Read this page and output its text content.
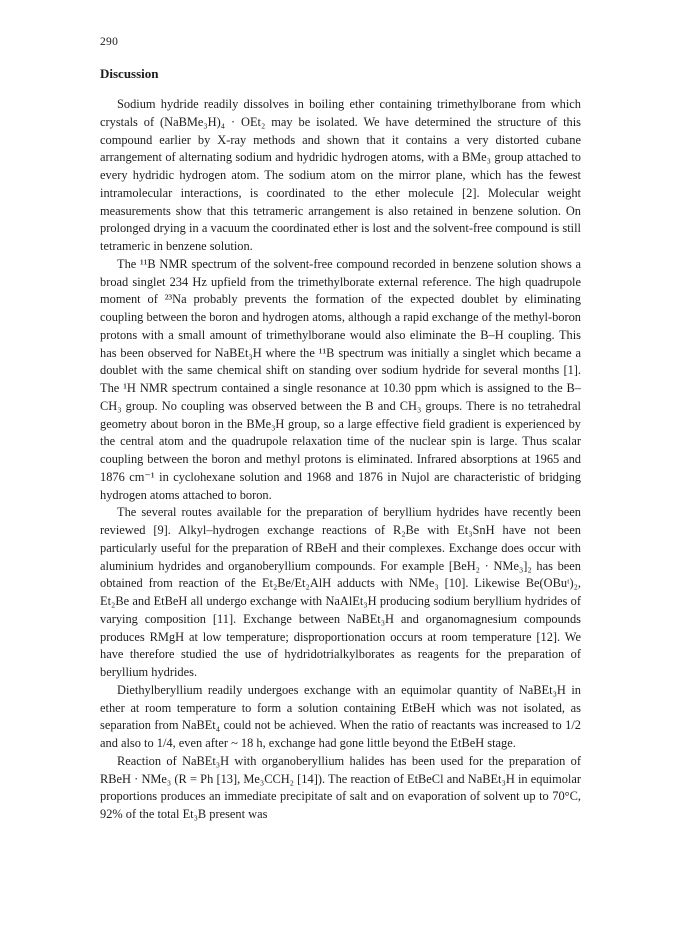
290
Discussion

Sodium hydride readily dissolves in boiling ether containing trimethylborane from which crystals of (NaBMe₃H)₄ · OEt₂ may be isolated. We have determined the structure of this compound earlier by X-ray methods and shown that it contains a very distorted cubane arrangement of alternating sodium and hydridic hydrogen atoms, with a BMe₃ group attached to every hydridic hydrogen atom. The sodium atom on the mirror plane, which has the fewest intramolecular interactions, is coordinated to the ether molecule [2]. Molecular weight measurements show that this tetrameric arrangement is also retained in benzene solution. On prolonged drying in a vacuum the coordinated ether is lost and the solvent-free compound is still tetrameric in benzene solution.

The ¹¹B NMR spectrum of the solvent-free compound recorded in benzene solution shows a broad singlet 234 Hz upfield from the trimethylborate external reference. The high quadrupole moment of ²³Na probably prevents the formation of the expected doublet by eliminating coupling between the boron and hydrogen atoms, although a rapid exchange of the methyl-boron protons with a small amount of trimethylborane would also eliminate the B–H coupling. This has been observed for NaBEt₃H where the ¹¹B spectrum was initially a singlet which became a doublet with the same chemical shift on standing over sodium hydride for several months [1]. The ¹H NMR spectrum contained a single resonance at 10.30 ppm which is assigned to the B–CH₃ group. No coupling was observed between the B and CH₃ groups. There is no tetrahedral geometry about boron in the BMe₃H group, so a large effective field gradient is experienced by the central atom and the quadrupole relaxation time of the nuclear spin is large. Thus scalar coupling between the boron and methyl protons is eliminated. Infrared absorptions at 1965 and 1876 cm⁻¹ in cyclohexane solution and 1968 and 1876 in Nujol are characteristic of bridging hydrogen atoms attached to boron.

The several routes available for the preparation of beryllium hydrides have recently been reviewed [9]. Alkyl–hydrogen exchange reactions of R₂Be with Et₃SnH have not been particularly useful for the preparation of RBeH and their complexes. Exchange does occur with aluminium hydrides and organoberyllium compounds. For example [BeH₂ · NMe₃]₂ has been obtained from reaction of the Et₂Be/Et₂AlH adducts with NMe₃ [10]. Likewise Be(OBuᵗ)₂, Et₂Be and EtBeH all undergo exchange with NaAlEt₃H producing sodium beryllium hydrides of varying composition [11]. Exchange between NaBEt₃H and organomagnesium compounds produces RMgH at low temperature; disproportionation occurs at room temperature [12]. We have therefore studied the use of hydridotrialkylborates as reagents for the preparation of beryllium hydrides.

Diethylberyllium readily undergoes exchange with an equimolar quantity of NaBEt₃H in ether at room temperature to form a solution containing EtBeH which was not isolated, as separation from NaBEt₄ could not be achieved. When the ratio of reactants was increased to 1/2 and also to 1/4, even after ~ 18 h, exchange had gone little beyond the EtBeH stage.

Reaction of NaBEt₃H with organoberyllium halides has been used for the preparation of RBeH · NMe₃ (R = Ph [13], Me₃CCH₂ [14]). The reaction of EtBeCl and NaBEt₃H in equimolar proportions produces an immediate precipitate of salt and on evaporation of solvent up to 70°C, 92% of the total Et₃B present was
